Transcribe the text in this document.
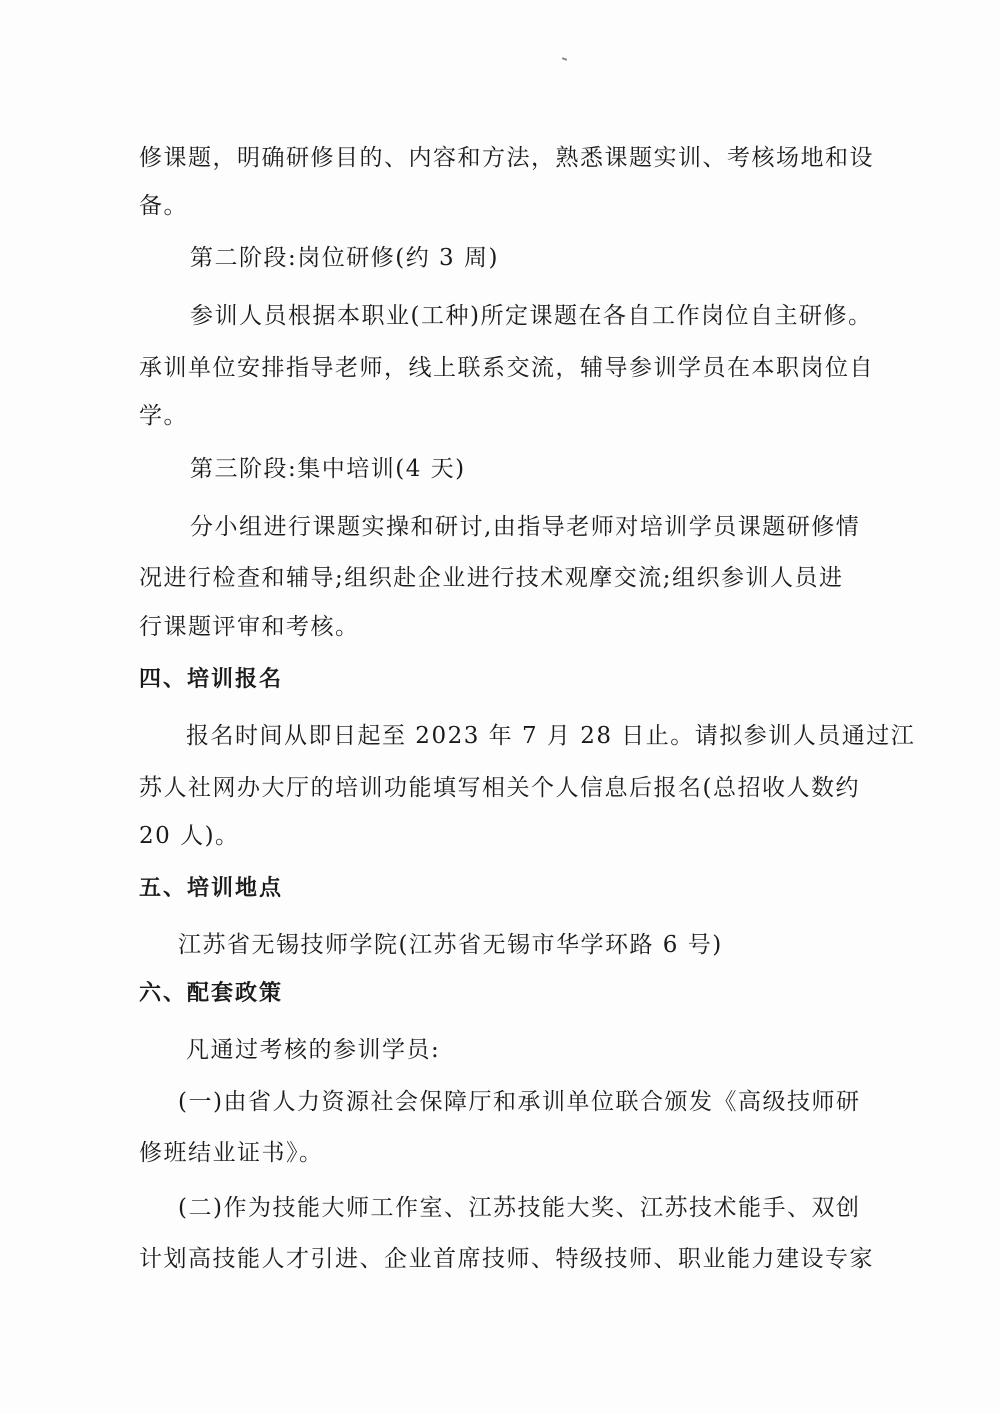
修课题，明确研修目的、内容和方法，熟悉课题实训、考核场地和设
备。
第二阶段:岗位研修(约 3 周)
参训人员根据本职业(工种)所定课题在各自工作岗位自主研修。
承训单位安排指导老师，线上联系交流，辅导参训学员在本职岗位自
学。
第三阶段:集中培训(4 天)
分小组进行课题实操和研讨,由指导老师对培训学员课题研修情
况进行检查和辅导;组织赴企业进行技术观摩交流;组织参训人员进
行课题评审和考核。
四、培训报名
报名时间从即日起至 2023 年 7 月 28 日止。请拟参训人员通过江
苏人社网办大厅的培训功能填写相关个人信息后报名(总招收人数约
20 人)。
五、培训地点
江苏省无锡技师学院(江苏省无锡市华学环路 6 号)
六、配套政策
凡通过考核的参训学员:
(一)由省人力资源社会保障厅和承训单位联合颁发《高级技师研
修班结业证书》。
(二)作为技能大师工作室、江苏技能大奖、江苏技术能手、双创
计划高技能人才引进、企业首席技师、特级技师、职业能力建设专家
